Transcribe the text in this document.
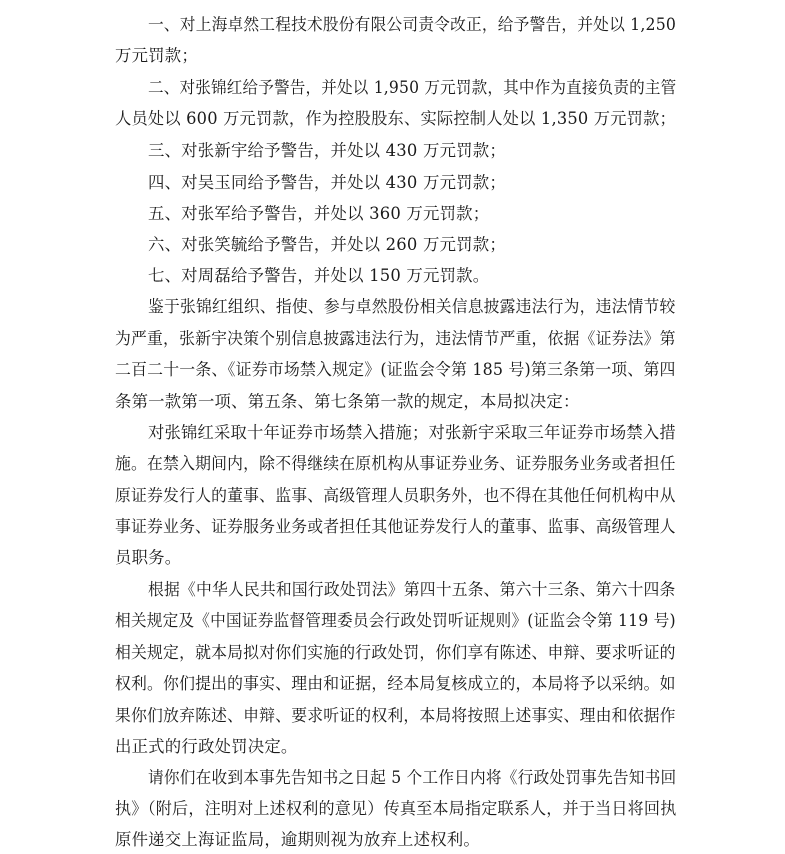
一、对上海卓然工程技术股份有限公司责令改正，给予警告，并处以 1,250

万元罚款；

二、对张锦红给予警告，并处以 1,950 万元罚款，其中作为直接负责的主管

人员处以 600 万元罚款，作为控股股东、实际控制人处以 1,350 万元罚款；

三、对张新宇给予警告，并处以 430 万元罚款；

四、对吴玉同给予警告，并处以 430 万元罚款；

五、对张军给予警告，并处以 360 万元罚款；

六、对张笑毓给予警告，并处以 260 万元罚款；

七、对周磊给予警告，并处以 150 万元罚款。

鉴于张锦红组织、指使、参与卓然股份相关信息披露违法行为，违法情节较

为严重，张新宇决策个别信息披露违法行为，违法情节严重，依据《证券法》第

二百二十一条、《证券市场禁入规定》(证监会令第 185 号)第三条第一项、第四

条第一款第一项、第五条、第七条第一款的规定，本局拟决定：

对张锦红采取十年证券市场禁入措施；对张新宇采取三年证券市场禁入措

施。在禁入期间内，除不得继续在原机构从事证券业务、证券服务业务或者担任

原证券发行人的董事、监事、高级管理人员职务外，也不得在其他任何机构中从

事证券业务、证券服务业务或者担任其他证券发行人的董事、监事、高级管理人

员职务。

根据《中华人民共和国行政处罚法》第四十五条、第六十三条、第六十四条

相关规定及《中国证券监督管理委员会行政处罚听证规则》(证监会令第 119 号)

相关规定，就本局拟对你们实施的行政处罚，你们享有陈述、申辩、要求听证的

权利。你们提出的事实、理由和证据，经本局复核成立的，本局将予以采纳。如

果你们放弃陈述、申辩、要求听证的权利，本局将按照上述事实、理由和依据作

出正式的行政处罚决定。

请你们在收到本事先告知书之日起 5 个工作日内将《行政处罚事先告知书回

执》（附后，注明对上述权利的意见）传真至本局指定联系人，并于当日将回执

原件递交上海证监局，逾期则视为放弃上述权利。
